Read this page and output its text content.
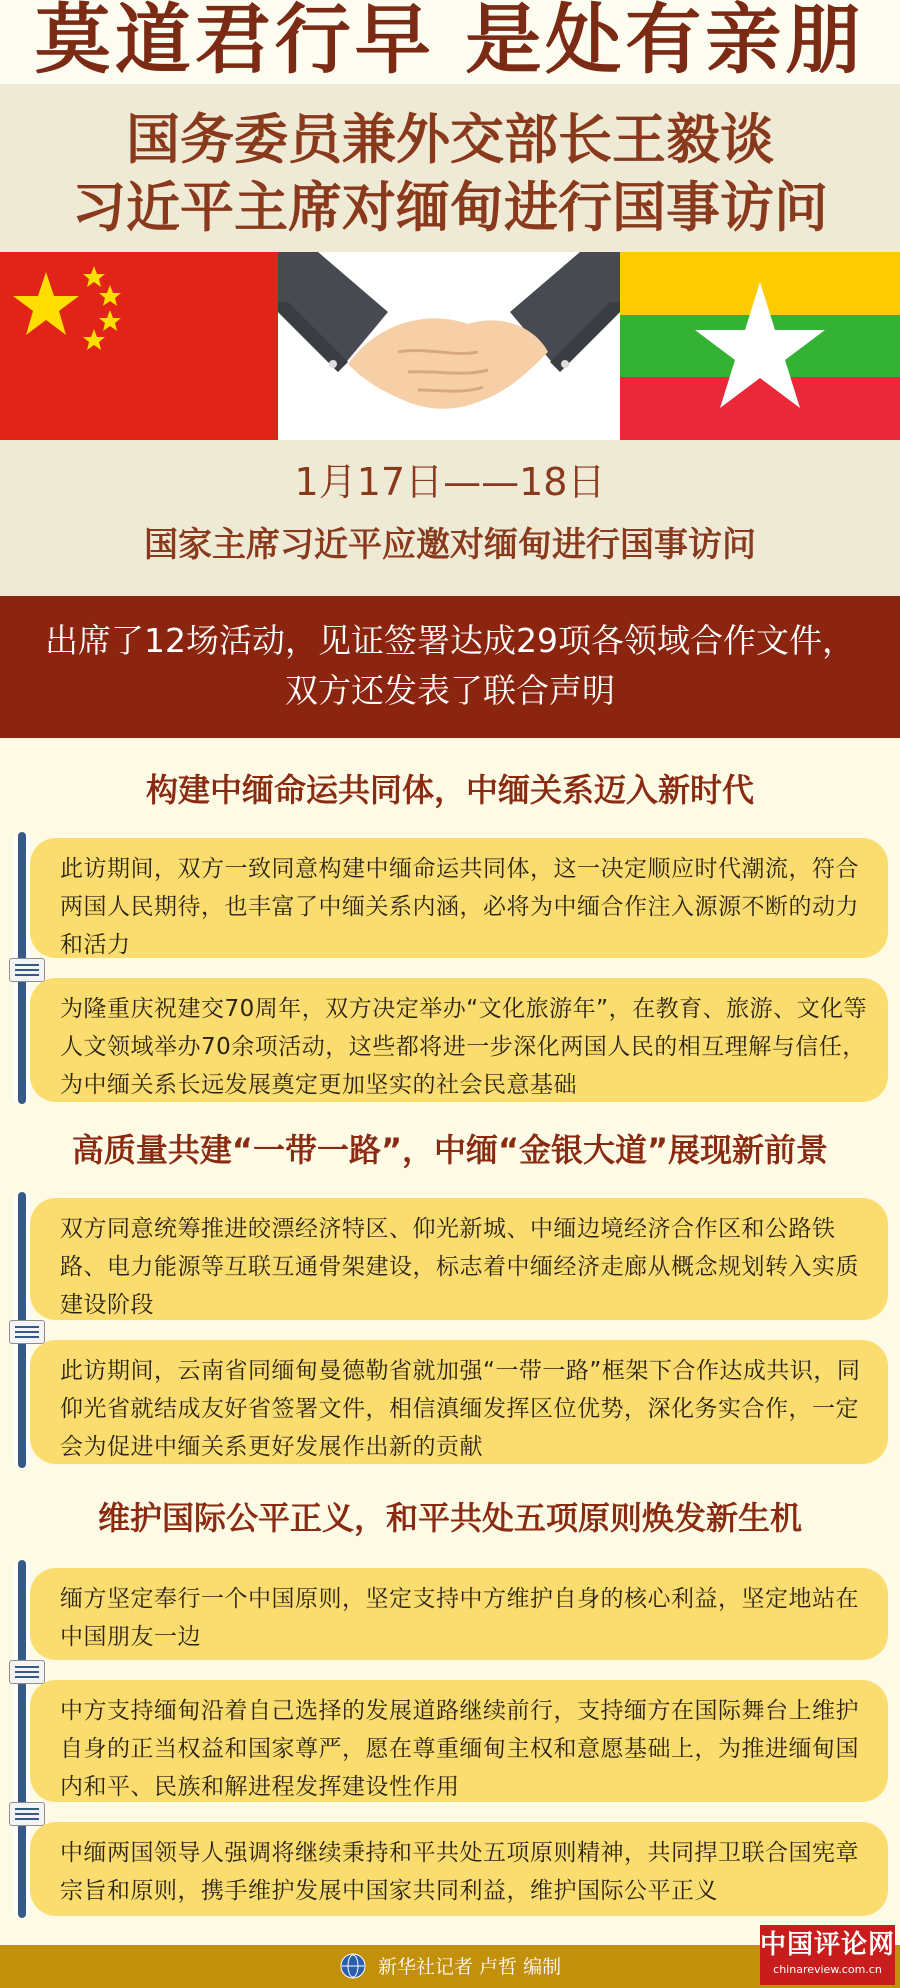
莫道君行早 是处有亲朋
国务委员兼外交部长王毅谈
习近平主席对缅甸进行国事访问
1月17日——18日
国家主席习近平应邀对缅甸进行国事访问
出席了12场活动，见证签署达成29项各领域合作文件，
双方还发表了联合声明
构建中缅命运共同体，中缅关系迈入新时代
此访期间，双方一致同意构建中缅命运共同体，这一决定顺应时代潮流，符合两国人民期待，也丰富了中缅关系内涵，必将为中缅合作注入源源不断的动力和活力
为隆重庆祝建交70周年，双方决定举办“文化旅游年”，在教育、旅游、文化等人文领域举办70余项活动，这些都将进一步深化两国人民的相互理解与信任，为中缅关系长远发展奠定更加坚实的社会民意基础
高质量共建“一带一路”，中缅“金银大道”展现新前景
双方同意统筹推进皎漂经济特区、仰光新城、中缅边境经济合作区和公路铁路、电力能源等互联互通骨架建设，标志着中缅经济走廊从概念规划转入实质建设阶段
此访期间，云南省同缅甸曼德勒省就加强“一带一路”框架下合作达成共识，同仰光省就结成友好省签署文件，相信滇缅发挥区位优势，深化务实合作，一定会为促进中缅关系更好发展作出新的贡献
维护国际公平正义，和平共处五项原则焕发新生机
缅方坚定奉行一个中国原则，坚定支持中方维护自身的核心利益，坚定地站在中国朋友一边
中方支持缅甸沿着自己选择的发展道路继续前行，支持缅方在国际舞台上维护自身的正当权益和国家尊严，愿在尊重缅甸主权和意愿基础上，为推进缅甸国内和平、民族和解进程发挥建设性作用
中缅两国领导人强调将继续秉持和平共处五项原则精神，共同捍卫联合国宪章宗旨和原则，携手维护发展中国家共同利益，维护国际公平正义
新华社记者 卢哲 编制
中国评论网
chinareview.com.cn
